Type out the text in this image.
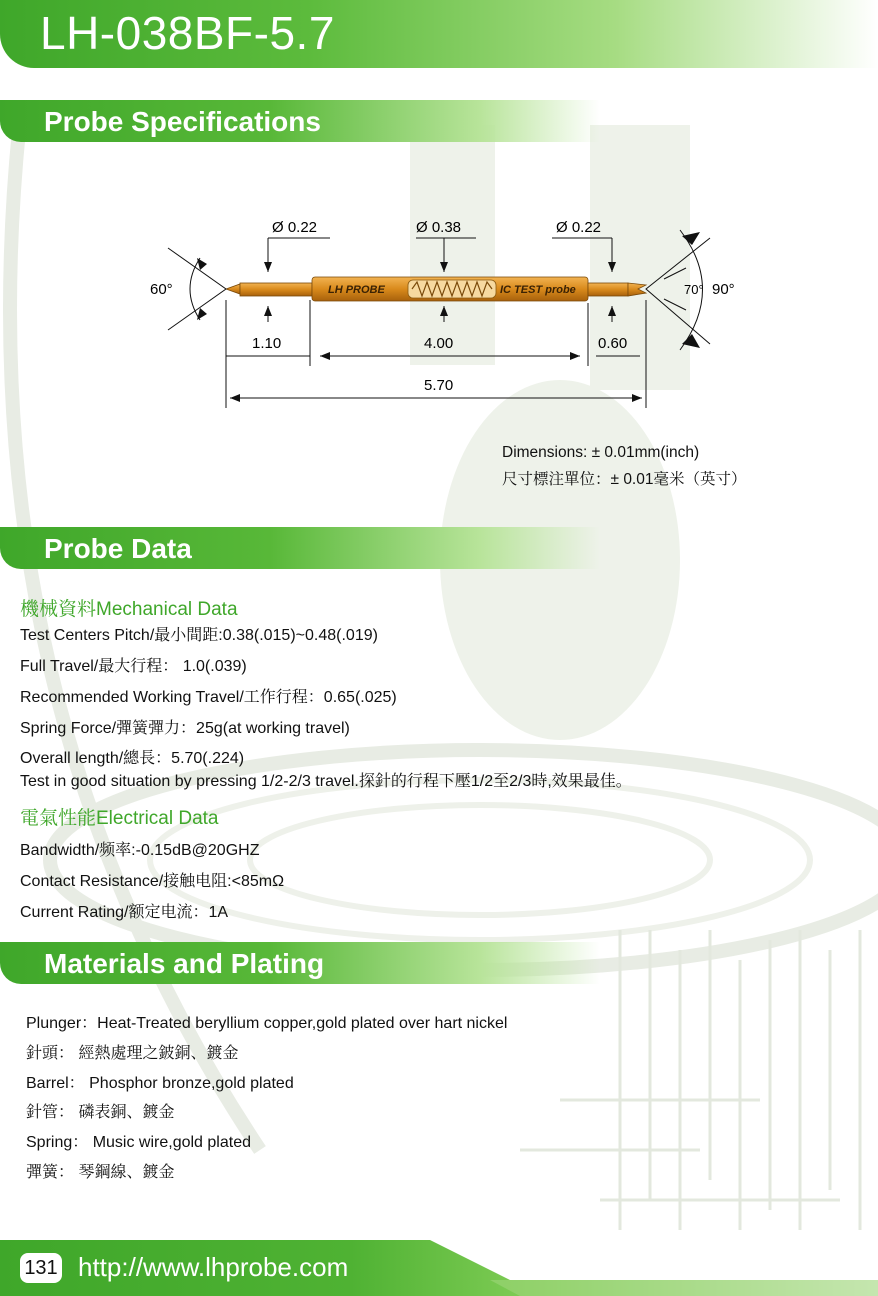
LH-038BF-5.7
Probe Specifications
LH PROBE	IC TEST probe
Ø 0.22	Ø 0.38	Ø 0.22
60°	70° 90°
1.10	4.00	0.60
5.70
Dimensions: ± 0.01mm(inch)
尺寸標注單位：± 0.01毫米（英寸）
Probe Data
機械資料Mechanical Data
Test Centers Pitch/最小間距:0.38(.015)~0.48(.019)
Full Travel/最大行程： 1.0(.039)
Recommended Working Travel/工作行程：0.65(.025)
Spring Force/彈簧彈力：25g(at working travel)
Overall length/總長：5.70(.224)
Test in good situation by pressing 1/2-2/3 travel.探針的行程下壓1/2至2/3時,效果最佳。
電氣性能Electrical Data
Bandwidth/频率:-0.15dB@20GHZ
Contact Resistance/接触电阻:<85mΩ
Current Rating/额定电流：1A
Materials and Plating
Plunger：Heat-Treated beryllium copper,gold plated over hart nickel
針頭： 經熱處理之鈹銅、鍍金
Barrel： Phosphor bronze,gold plated
針管： 磷表銅、鍍金
Spring： Music wire,gold plated
彈簧： 琴鋼線、鍍金
131 http://www.lhprobe.com
